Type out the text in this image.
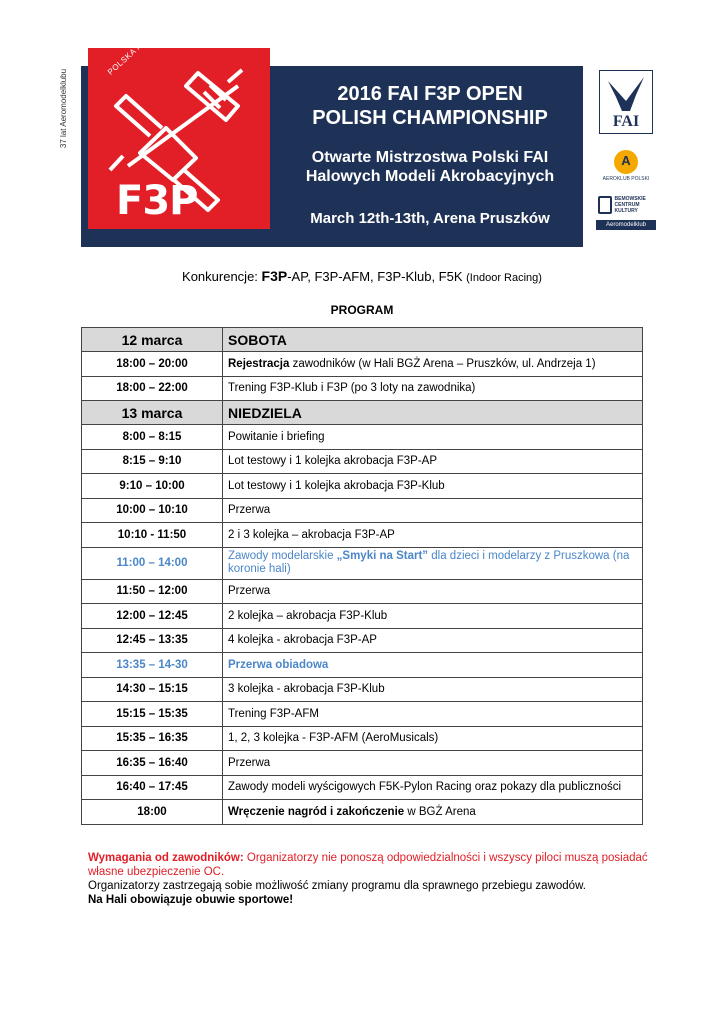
37 lat Aeromodelklubu
POLSKA POLAND
F3P
2016 FAI F3P OPEN
POLISH CHAMPIONSHIP
Otwarte Mistrzostwa Polski FAI
Halowych Modeli Akrobacyjnych
March 12th-13th, Arena Pruszków
FAI
A
AEROKLUB POLSKI
BEMOWSKIE CENTRUM KULTURY
Aeromodelklub
Konkurencje: F3P-AP, F3P-AFM, F3P-Klub, F5K (Indoor Racing)
PROGRAM
12 marca	SOBOTA
18:00 – 20:00	Rejestracja zawodników (w Hali BGŻ Arena – Pruszków, ul. Andrzeja 1)
18:00 – 22:00	Trening F3P-Klub i F3P (po 3 loty na zawodnika)
13 marca	NIEDZIELA
8:00 – 8:15	Powitanie i briefing
8:15 – 9:10	Lot testowy i 1 kolejka akrobacja F3P-AP
9:10 – 10:00	Lot testowy i 1 kolejka akrobacja F3P-Klub
10:00 – 10:10	Przerwa
10:10 - 11:50	2 i 3 kolejka – akrobacja F3P-AP
11:00 – 14:00	Zawody modelarskie „Smyki na Start” dla dzieci i modelarzy z Pruszkowa (na koronie hali)
11:50 – 12:00	Przerwa
12:00 – 12:45	2 kolejka – akrobacja F3P-Klub
12:45 – 13:35	4 kolejka - akrobacja F3P-AP
13:35 – 14-30	Przerwa obiadowa
14:30 – 15:15	3 kolejka - akrobacja F3P-Klub
15:15 – 15:35	Trening F3P-AFM
15:35 – 16:35	1, 2, 3 kolejka - F3P-AFM (AeroMusicals)
16:35 – 16:40	Przerwa
16:40 – 17:45	Zawody modeli wyścigowych F5K-Pylon Racing oraz pokazy dla publiczności
18:00	Wręczenie nagród i zakończenie w BGŻ Arena
Wymagania od zawodników: Organizatorzy nie ponoszą odpowiedzialności i wszyscy piloci muszą posiadać własne ubezpieczenie OC.
Organizatorzy zastrzegają sobie możliwość zmiany programu dla sprawnego przebiegu zawodów.
Na Hali obowiązuje obuwie sportowe!
